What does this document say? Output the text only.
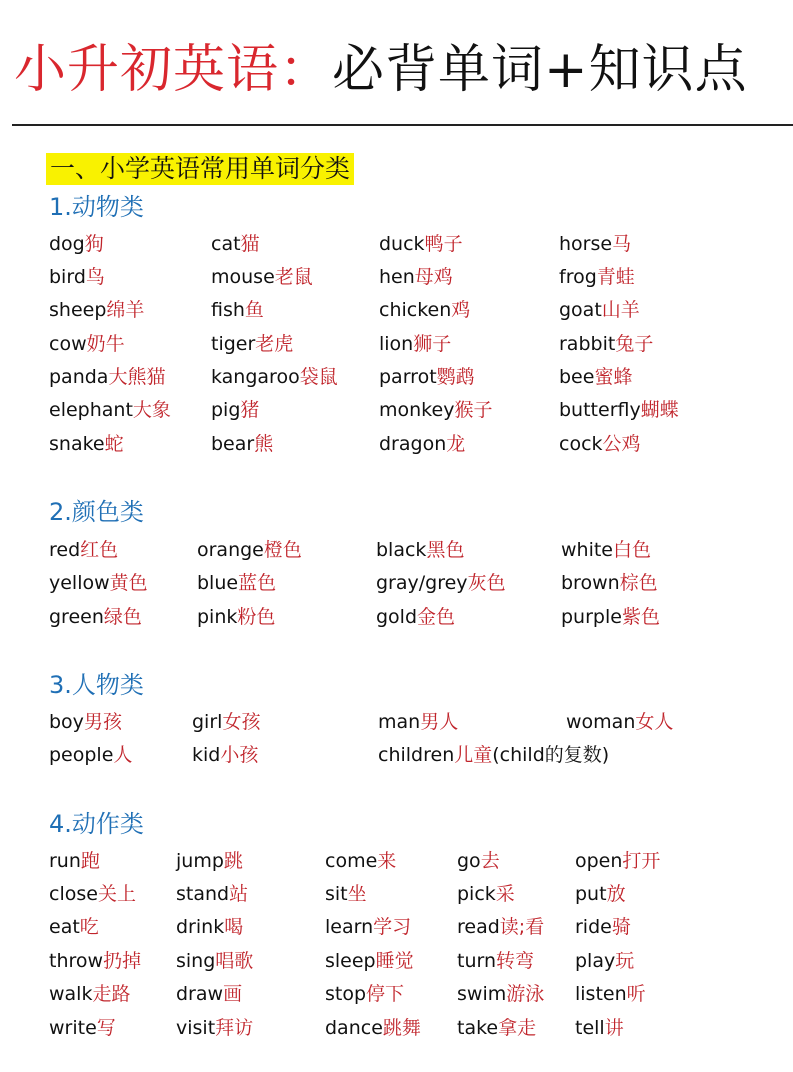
小升初英语：必背单词+知识点
一、小学英语常用单词分类
1.动物类
2.颜色类
3.人物类
4.动作类
dog狗	cat猫	duck鸭子	horse马
bird鸟	mouse老鼠	hen母鸡	frog青蛙
sheep绵羊	fish鱼	chicken鸡	goat山羊
cow奶牛	tiger老虎	lion狮子	rabbit兔子
panda大熊猫 kangaroo袋鼠 parrot鹦鹉	bee蜜蜂
elephant大象 pig猪	monkey猴子	butterfly蝴蝶
snake蛇	bear熊	dragon龙	cock公鸡
red红色	orange橙色	black黑色	white白色
yellow黄色	blue蓝色	gray/grey灰色	brown棕色
green绿色	pink粉色	gold金色	purple紫色
boy男孩	girl女孩	man男人	woman女人
people人	kid小孩	children儿童(child的复数)
run跑	jump跳	come来	go去	open打开
close关上 stand站	sit坐	pick采	put放
eat吃	drink喝	learn学习 read读;看 ride骑
throw扔掉 sing唱歌	sleep睡觉 turn转弯 play玩
walk走路 draw画	stop停下	swim游泳 listen听
write写	visit拜访	dance跳舞 take拿走 tell讲
